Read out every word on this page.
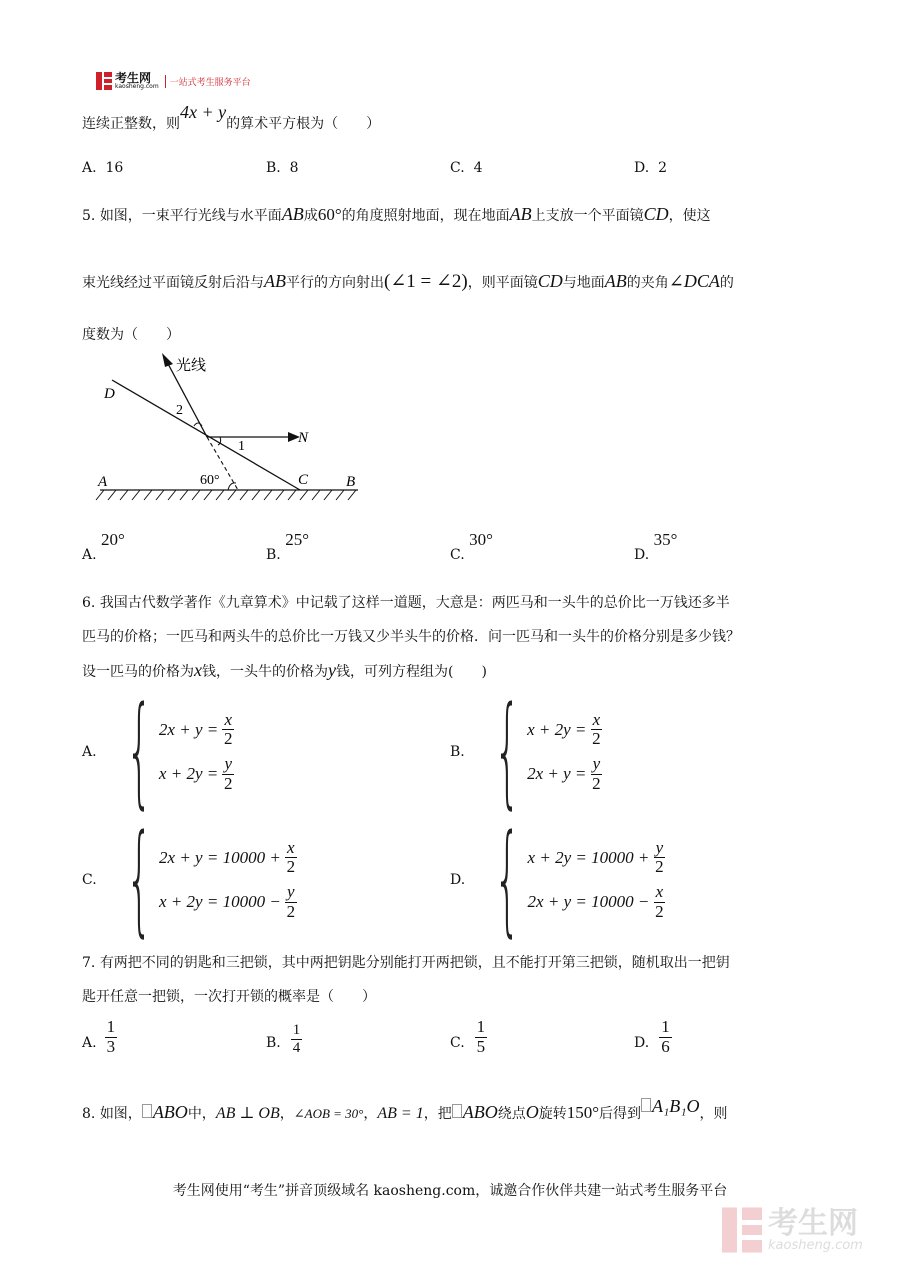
考生网
kaosheng.com	一站式考生服务平台
连续正整数，则4x + y的算术平方根为（　　）
A. 16	B. 8	C. 4	D. 2
5. 如图，一束平行光线与水平面AB成60°的角度照射地面，现在地面AB上支放一个平面镜CD，使这
束光线经过平面镜反射后沿与AB平行的方向射出(∠1 = ∠2)，则平面镜CD与地面AB的夹角∠DCA的
度数为（　　）
光线
D
2
1
N
A	60°	C	B
A. 20°
B. 25°
C. 30°
D. 35°
6. 我国古代数学著作《九章算术》中记载了这样一道题，大意是：两匹马和一头牛的总价比一万钱还多半
匹马的价格；一匹马和两头牛的总价比一万钱又少半头牛的价格．问一匹马和一头牛的价格分别是多少钱？
设一匹马的价格为x钱，一头牛的价格为y钱，可列方程组为(　　)
A. { 2x + y =
$\frac{x}{2}$
x + 2y =
$\frac{y}{2}$
B. { x + 2y =
$\frac{x}{2}$
2x + y =
$\frac{y}{2}$
C. { 2x + y = 10000 +
$\frac{x}{2}$
x + 2y = 10000 −
$\frac{y}{2}$
D. { x + 2y = 10000 +
$\frac{y}{2}$
2x + y = 10000 −
$\frac{x}{2}$
7. 有两把不同的钥匙和三把锁，其中两把钥匙分别能打开两把锁，且不能打开第三把锁，随机取出一把钥
匙开任意一把锁，一次打开锁的概率是（　　）
A. $\frac{1}{3}$	B. $\frac{1}{4}$	C. $\frac{1}{5}$	D. $\frac{1}{6}$
8. 如图， ABO中，AB ⊥ OB，∠AOB = 30°，AB = 1，把 ABO绕点O旋转150°后得到 A₁B₁O，则
考生网使用“考生”拼音顶级域名 kaosheng.com，诚邀合作伙伴共建一站式考生服务平台
考生网
kaosheng.com
